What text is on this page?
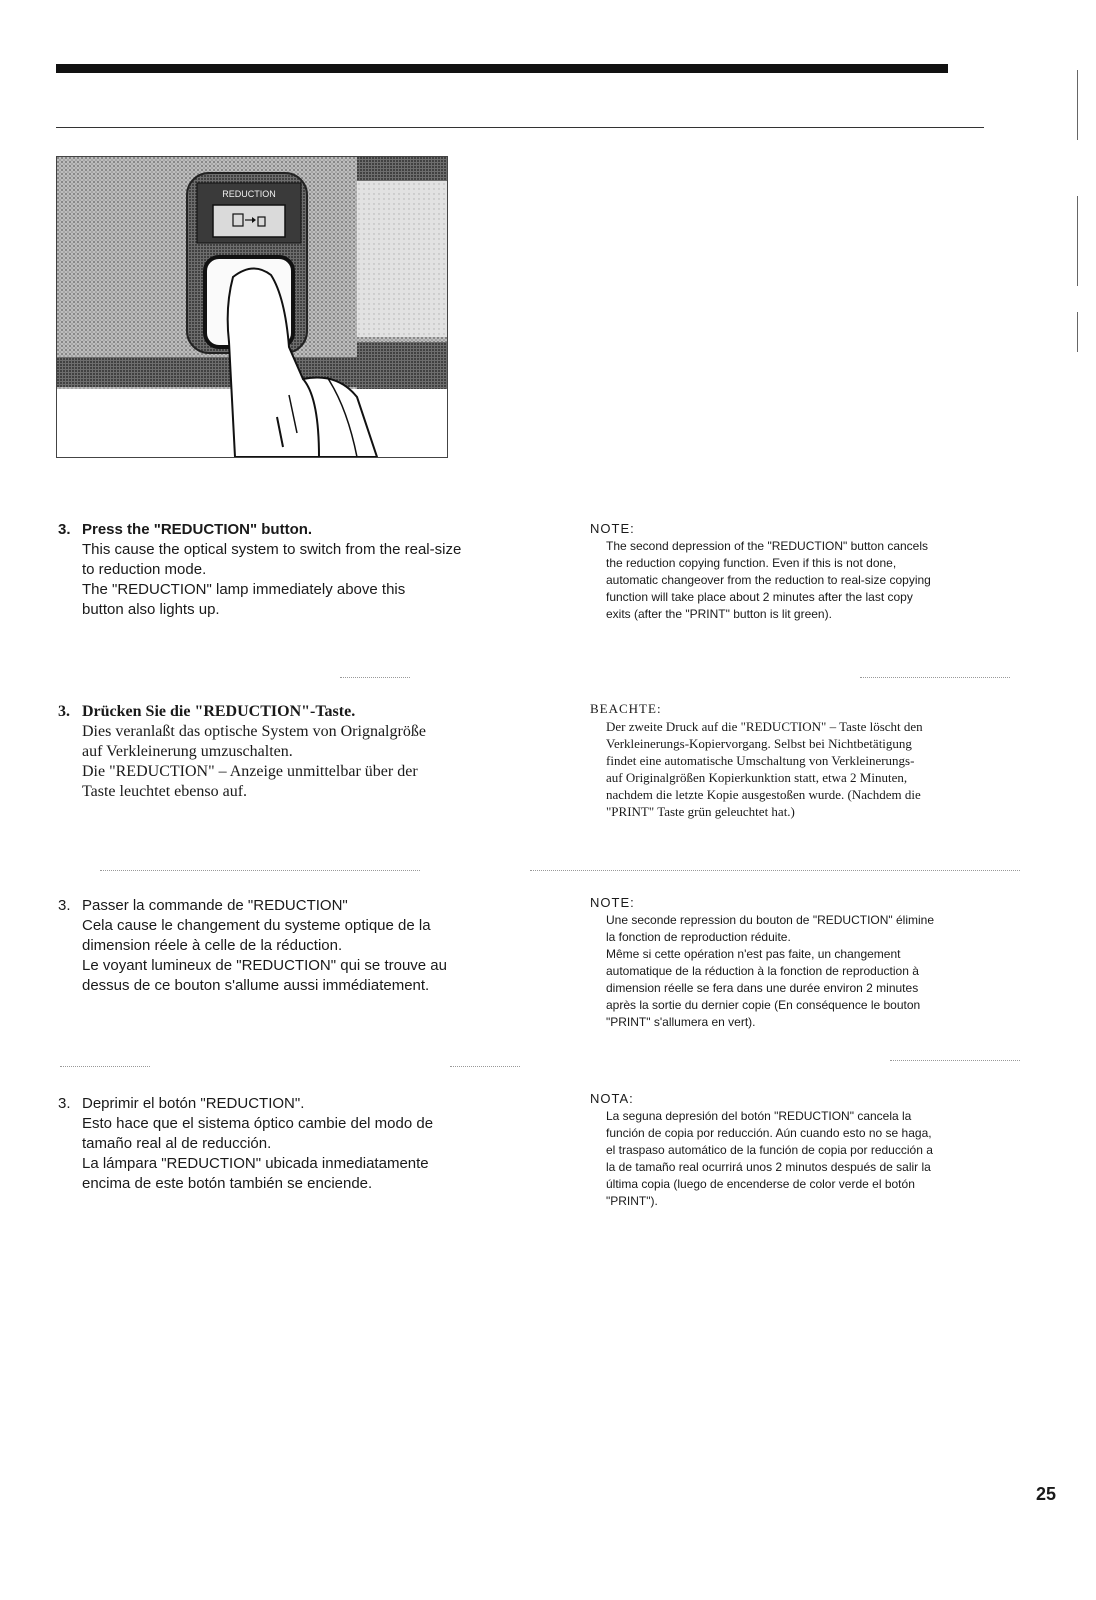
REDUCTION
3. Press the "REDUCTION" button.

This cause the optical system to switch from the real-size

to reduction mode.

The "REDUCTION" lamp immediately above this

button also lights up.

NOTE:

The second depression of the "REDUCTION" button cancels

the reduction copying function. Even if this is not done,

automatic changeover from the reduction to real-size copying

function will take place about 2 minutes after the last copy

exits (after the "PRINT" button is lit green).

3. Drücken Sie die "REDUCTION"-Taste.

Dies veranlaßt das optische System von Orignalgröße

auf Verkleinerung umzuschalten.

Die "REDUCTION" – Anzeige unmittelbar über der

Taste leuchtet ebenso auf.

BEACHTE:

Der zweite Druck auf die "REDUCTION" – Taste löscht den

Verkleinerungs-Kopiervorgang. Selbst bei Nichtbetätigung

findet eine automatische Umschaltung von Verkleinerungs-

auf Originalgrößen Kopierkunktion statt, etwa 2 Minuten,

nachdem die letzte Kopie ausgestoßen wurde. (Nachdem die

"PRINT" Taste grün geleuchtet hat.)

3. Passer la commande de "REDUCTION"

Cela cause le changement du systeme optique de la

dimension réele à celle de la réduction.

Le voyant lumineux de "REDUCTION" qui se trouve au

dessus de ce bouton s'allume aussi immédiatement.

NOTE:

Une seconde repression du bouton de "REDUCTION" élimine

la fonction de reproduction réduite.

Même si cette opération n'est pas faite, un changement

automatique de la réduction à la fonction de reproduction à

dimension réelle se fera dans une durée environ 2 minutes

après la sortie du dernier copie (En conséquence le bouton

"PRINT" s'allumera en vert).

3. Deprimir el botón "REDUCTION".

Esto hace que el sistema óptico cambie del modo de

tamaño real al de reducción.

La lámpara "REDUCTION" ubicada inmediatamente

encima de este botón también se enciende.

NOTA:

La seguna depresión del botón "REDUCTION" cancela la

función de copia por reducción. Aún cuando esto no se haga,

el traspaso automático de la función de copia por reducción a

la de tamaño real ocurrirá unos 2 minutos después de salir la

última copia (luego de encenderse de color verde el botón

"PRINT").

25
